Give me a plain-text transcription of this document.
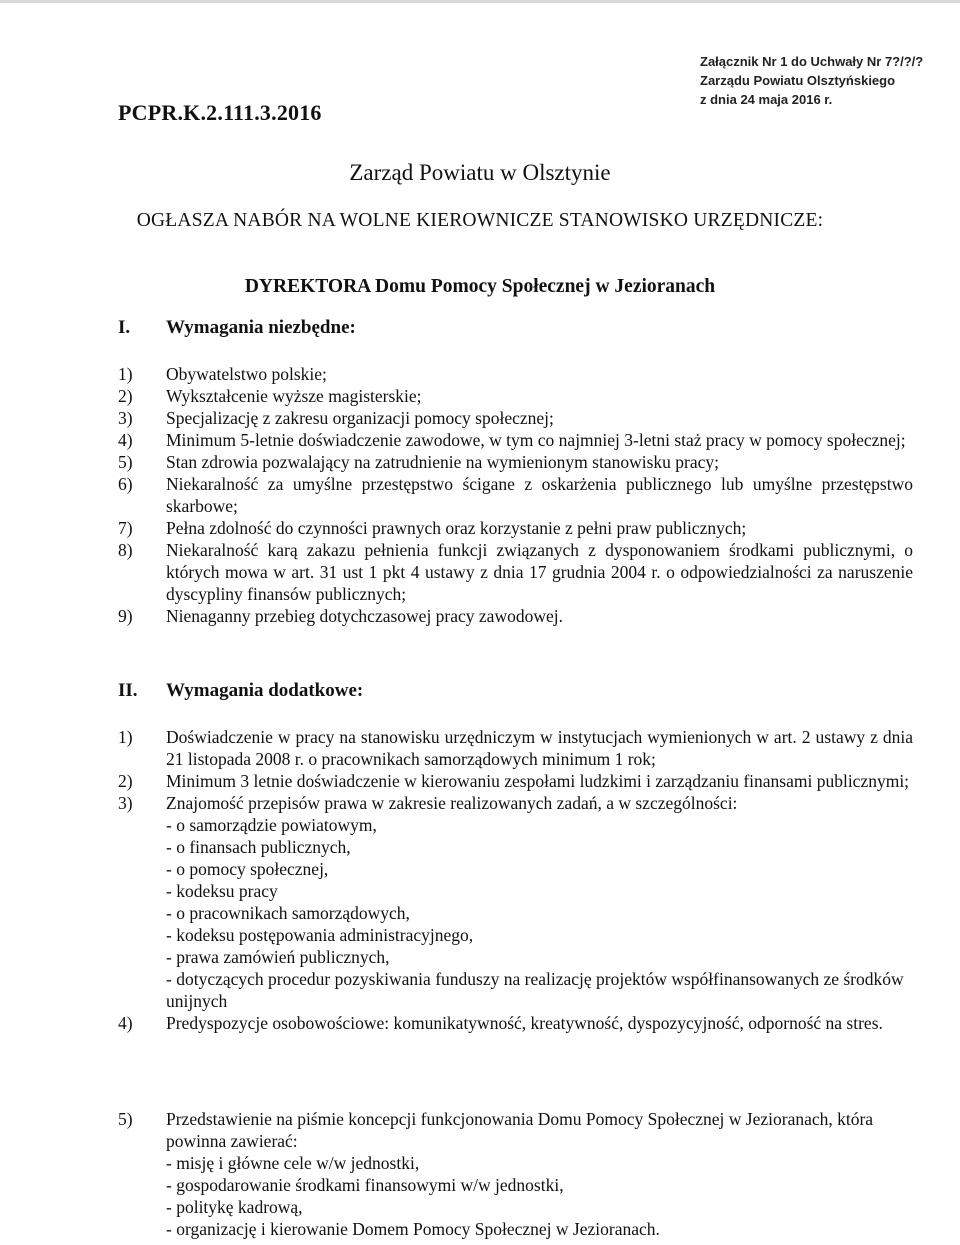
PCPR.K.2.111.3.2016
Załącznik Nr 1 do Uchwały Nr 7?/?/?
Zarządu Powiatu Olsztyńskiego
z dnia 24 maja 2016 r.
Zarząd Powiatu w Olsztynie
OGŁASZA NABÓR NA WOLNE KIEROWNICZE STANOWISKO URZĘDNICZE:
DYREKTORA Domu Pomocy Społecznej w Jezioranach
I. Wymagania niezbędne:
1) Obywatelstwo polskie;
2) Wykształcenie wyższe magisterskie;
3) Specjalizację z zakresu organizacji pomocy społecznej;
4) Minimum 5-letnie doświadczenie zawodowe, w tym co najmniej 3-letni staż pracy w pomocy społecznej;
5) Stan zdrowia pozwalający na zatrudnienie na wymienionym stanowisku pracy;
6) Niekaralność za umyślne przestępstwo ścigane z oskarżenia publicznego lub umyślne przestępstwo skarbowe;
7) Pełna zdolność do czynności prawnych oraz korzystanie z pełni praw publicznych;
8) Niekaralność karą zakazu pełnienia funkcji związanych z dysponowaniem środkami publicznymi, o których mowa w art. 31 ust 1 pkt 4 ustawy z dnia 17 grudnia 2004 r. o odpowiedzialności za naruszenie dyscypliny finansów publicznych;
9) Nienaganny przebieg dotychczasowej pracy zawodowej.
II. Wymagania dodatkowe:
1) Doświadczenie w pracy na stanowisku urzędniczym w instytucjach wymienionych w art. 2 ustawy z dnia 21 listopada 2008 r. o pracownikach samorządowych minimum 1 rok;
2) Minimum 3 letnie doświadczenie w kierowaniu zespołami ludzkimi i zarządzaniu finansami publicznymi;
3) Znajomość przepisów prawa w zakresie realizowanych zadań, a w szczególności:
- o samorządzie powiatowym,
- o finansach publicznych,
- o pomocy społecznej,
- kodeksu pracy
- o pracownikach samorządowych,
- kodeksu postępowania administracyjnego,
- prawa zamówień publicznych,
- dotyczących procedur pozyskiwania funduszy na realizację projektów współfinansowanych ze środków unijnych
4) Predyspozycje osobowościowe: komunikatywność, kreatywność, dyspozycyjność, odporność na stres.
5) Przedstawienie na piśmie koncepcji funkcjonowania Domu Pomocy Społecznej w Jezioranach, która powinna zawierać:
- misję i główne cele w/w jednostki,
- gospodarowanie środkami finansowymi w/w jednostki,
- politykę kadrową,
- organizację i kierowanie Domem Pomocy Społecznej w Jezioranach.
